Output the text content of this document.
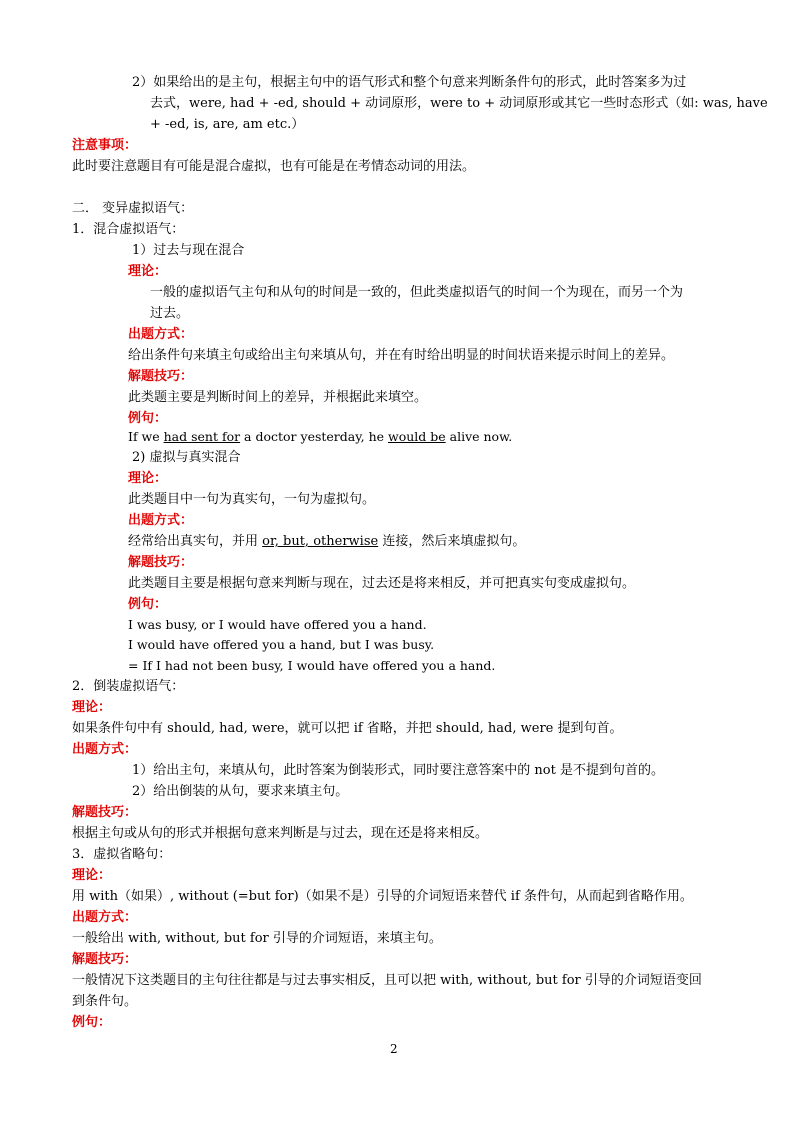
2）如果给出的是主句，根据主句中的语气形式和整个句意来判断条件句的形式，此时答案多为过
去式，were, had + -ed, should + 动词原形，were to + 动词原形或其它一些时态形式（如: was, have
+ -ed, is, are, am etc.）
注意事项：
此时要注意题目有可能是混合虚拟，也有可能是在考情态动词的用法。
二． 变异虚拟语气：
1．混合虚拟语气：
1）过去与现在混合
理论：
一般的虚拟语气主句和从句的时间是一致的，但此类虚拟语气的时间一个为现在，而另一个为
过去。
出题方式：
给出条件句来填主句或给出主句来填从句，并在有时给出明显的时间状语来提示时间上的差异。
解题技巧：
此类题主要是判断时间上的差异，并根据此来填空。
例句：
If we had sent for a doctor yesterday, he would be alive now.
2) 虚拟与真实混合
理论：
此类题目中一句为真实句，一句为虚拟句。
出题方式：
经常给出真实句，并用 or, but, otherwise 连接，然后来填虚拟句。
解题技巧：
此类题目主要是根据句意来判断与现在，过去还是将来相反，并可把真实句变成虚拟句。
例句：
I was busy, or I would have offered you a hand.
I would have offered you a hand, but I was busy.
= If I had not been busy, I would have offered you a hand.
2．倒装虚拟语气：
理论：
如果条件句中有 should, had, were，就可以把 if 省略，并把 should, had, were 提到句首。
出题方式：
1）给出主句，来填从句，此时答案为倒装形式，同时要注意答案中的 not 是不提到句首的。
2）给出倒装的从句，要求来填主句。
解题技巧：
根据主句或从句的形式并根据句意来判断是与过去，现在还是将来相反。
3．虚拟省略句：
理论：
用 with（如果）, without (=but for)（如果不是）引导的介词短语来替代 if 条件句，从而起到省略作用。
出题方式：
一般给出 with, without, but for 引导的介词短语，来填主句。
解题技巧：
一般情况下这类题目的主句往往都是与过去事实相反，且可以把 with, without, but for 引导的介词短语变回
到条件句。
例句：
2
